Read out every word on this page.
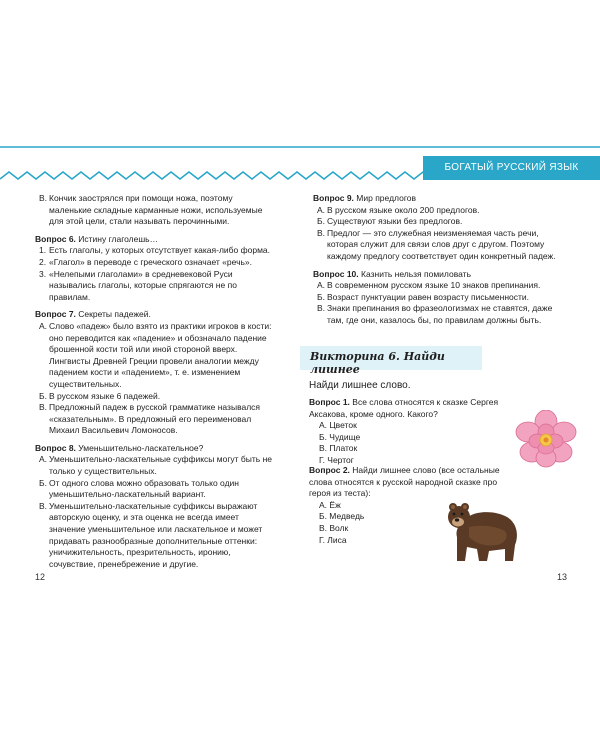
БОГАТЫЙ РУССКИЙ ЯЗЫК

В. Кончик заострялся при помощи ножа, поэтому маленькие складные карманные ножи, используемые для этой цели, стали называть перочинными.

Вопрос 6. Истину глаголешь…

1. Есть глаголы, у которых отсутствует какая-либо форма.

2. «Глагол» в переводе с греческого означает «речь».

3. «Нелепыми глаголами» в средневековой Руси назывались глаголы, которые спрягаются не по правилам.

Вопрос 7. Секреты падежей.

А. Слово «падеж» было взято из практики игроков в кости: оно переводится как «падение» и обозначало падение брошенной кости той или иной стороной вверх. Лингвисты Древней Греции провели аналогии между падением кости и «падением», т. е. изменением существительных.

Б. В русском языке 6 падежей.

В. Предложный падеж в русской грамматике назывался «сказательным». В предложный его переименовал Михаил Васильевич Ломоносов.

Вопрос 8. Уменьшительно-ласкательное?

А. Уменьшительно-ласкательные суффиксы могут быть не только у существительных.

Б. От одного слова можно образовать только один уменьшительно-ласкательный вариант.

В. Уменьшительно-ласкательные суффиксы выражают авторскую оценку, и эта оценка не всегда имеет значение уменьшительное или ласкательное и может придавать разнообразные дополнительные оттенки: уничижительность, презрительность, иронию, сочувствие, пренебрежение и другие.

Вопрос 9. Мир предлогов

А. В русском языке около 200 предлогов.

Б. Существуют языки без предлогов.

В. Предлог — это служебная неизменяемая часть речи, которая служит для связи слов друг с другом. Поэтому каждому предлогу соответствует один конкретный падеж.

Вопрос 10. Казнить нельзя помиловать

А. В современном русском языке 10 знаков препинания.

Б. Возраст пунктуации равен возрасту письменности.

В. Знаки препинания во фразеологизмах не ставятся, даже там, где они, казалось бы, по правилам должны быть.

Викторина 6. Найди лишнее
Найди лишнее слово.

Вопрос 1. Все слова относятся к сказке Сергея Аксакова, кроме одного. Какого?

А. Цветок

Б. Чудище

В. Платок

Г. Чертог

Вопрос 2. Найди лишнее слово (все остальные слова относятся к русской народной сказке про героя из теста):

А. Ёж

Б. Медведь

В. Волк

Г. Лиса

12	13
